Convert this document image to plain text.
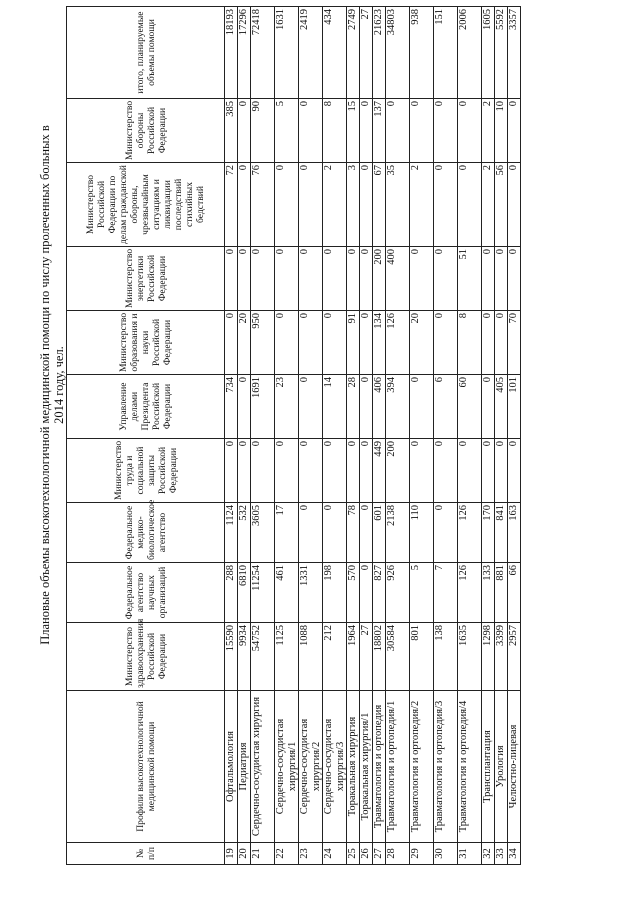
Плановые объемы высокотехнологичной медицинской помощи по числу пролеченных больных в 2014 году, чел.
№ п/п	Профили высокотехнологичной медицинской помощи	Министерство здравоохранения Российской Федерации	Федеральное агентство научных организаций	Федеральное медико-биологическое агентство	Министерство труда и социальной защиты Российской Федерации	Управление делами Президента Российской Федерации	Министерство образования и науки Российской Федерации	Министерство энергетики Российской Федерации	Министерство Российской Федерации по делам гражданской обороны, чрезвычайным ситуациям и ликвидации последствий стихийных бедствий	Министерство обороны Российской Федерации	итого, планируемые объемы помощи
19	Офтальмология	15590	288	1124	0	734	0	0	72	385	18193
20	Педиатрия	9934	6810	532	0	0	20	0	0	0	17296
21	Сердечно-сосудистая хирургия	54752	11254	3605	0	1691	950	0	76	90	72418
22	Сердечно-сосудистая хирургия/1	1125	461	17	0	23	0	0	0	5	1631
23	Сердечно-сосудистая хирургия/2	1088	1331	0	0	0	0	0	0	0	2419
24	Сердечно-сосудистая хирургия/3	212	198	0	0	14	0	0	2	8	434
25	Торакальная хирургия	1964	570	78	0	28	91	0	3	15	2749
26	Торакальная хирургия/1	27	0	0	0	0	0	0	0	0	27
27	Травматология и ортопедия	18802	827	601	449	406	134	200	67	137	21623
28	Травматология и ортопедия/1	30584	926	2138	200	394	126	400	35	0	34803
29	Травматология и ортопедия/2	801	5	110	0	0	20	0	2	0	938
30	Травматология и ортопедия/3	138	7	0	0	6	0	0	0	0	151
31	Травматология и ортопедия/4	1635	126	126	0	60	8	51	0	0	2006
32	Трансплантация	1298	133	170	0	0	0	0	2	2	1605
33	Урология	3399	881	841	0	405	0	0	56	10	5592
34	Челюстно-лицевая	2957	66	163	0	101	70	0	0	0	3357
